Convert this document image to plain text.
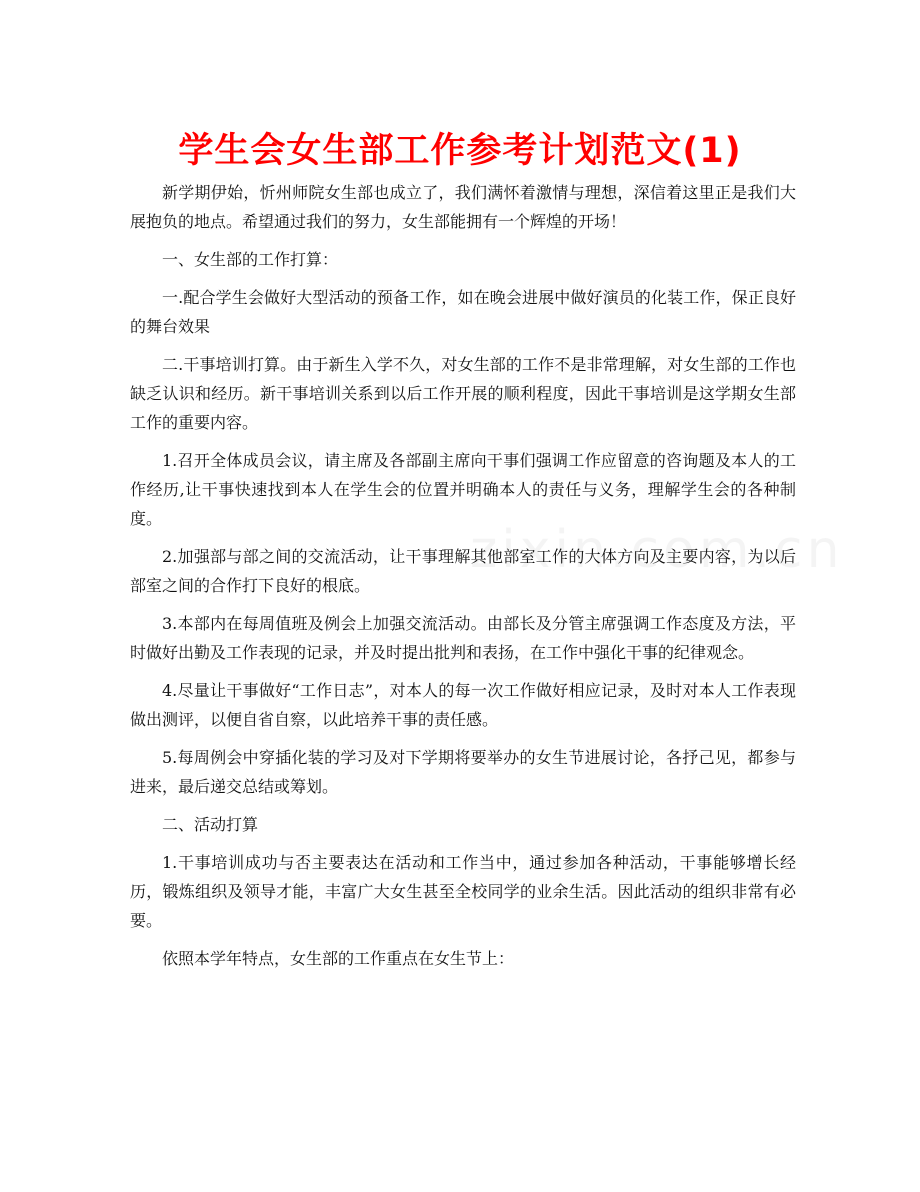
学生会女生部工作参考计划范文(1)

新学期伊始，忻州师院女生部也成立了，我们满怀着激情与理想，深信着这里正是我们大展抱负的地点。希望通过我们的努力，女生部能拥有一个辉煌的开场！

一、女生部的工作打算：

一.配合学生会做好大型活动的预备工作，如在晚会进展中做好演员的化装工作，保正良好的舞台效果

二.干事培训打算。由于新生入学不久，对女生部的工作不是非常理解，对女生部的工作也缺乏认识和经历。新干事培训关系到以后工作开展的顺利程度，因此干事培训是这学期女生部工作的重要内容。

1.召开全体成员会议，请主席及各部副主席向干事们强调工作应留意的咨询题及本人的工作经历,让干事快速找到本人在学生会的位置并明确本人的责任与义务，理解学生会的各种制度。

2.加强部与部之间的交流活动，让干事理解其他部室工作的大体方向及主要内容，为以后部室之间的合作打下良好的根底。

3.本部内在每周值班及例会上加强交流活动。由部长及分管主席强调工作态度及方法，平时做好出勤及工作表现的记录，并及时提出批判和表扬，在工作中强化干事的纪律观念。

4.尽量让干事做好“工作日志”，对本人的每一次工作做好相应记录，及时对本人工作表现做出测评，以便自省自察，以此培养干事的责任感。

5.每周例会中穿插化装的学习及对下学期将要举办的女生节进展讨论，各抒己见，都参与进来，最后递交总结或筹划。

二、活动打算

1.干事培训成功与否主要表达在活动和工作当中，通过参加各种活动，干事能够增长经历，锻炼组织及领导才能，丰富广大女生甚至全校同学的业余生活。因此活动的组织非常有必要。

依照本学年特点，女生部的工作重点在女生节上：
